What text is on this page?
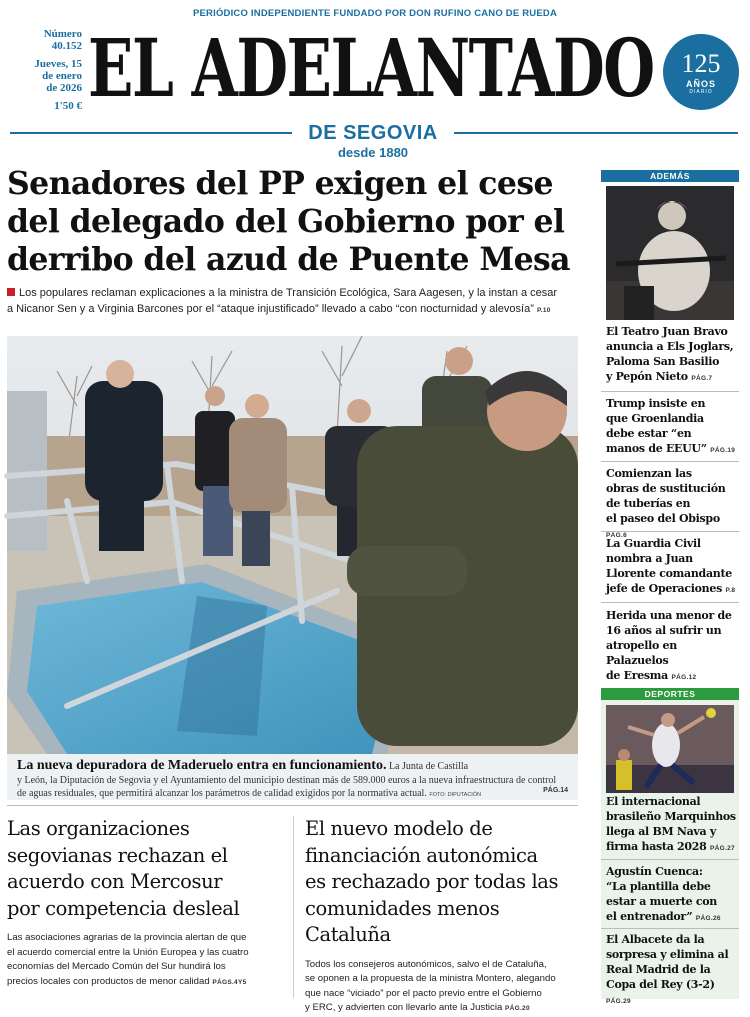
PERIÓDICO INDEPENDIENTE FUNDADO POR DON RUFINO CANO DE RUEDA
Número
40.152
Jueves, 15
de enero
de 2026
1'50 € EL ADELANTADO	125
AÑOS
DIARIO
DE SEGOVIA
desde 1880
Senadores del PP exigen el cese
del delegado del Gobierno por el
derribo del azud de Puente Mesa
Los populares reclaman explicaciones a la ministra de Transición Ecológica, Sara Aagesen, y la instan a cesar
a Nicanor Sen y a Virginia Barcones por el “ataque injustificado” llevado a cabo “con nocturnidad y alevosía” P.10
La nueva depuradora de Maderuelo entra en funcionamiento. La Junta de Castilla
y León, la Diputación de Segovia y el Ayuntamiento del municipio destinan más de 589.000 euros a la nueva infraestructura de control
de aguas residuales, que permitirá alcanzar los parámetros de calidad exigidos por la normativa actual. FOTO: DIPUTACIÓN
PÁG.14
Las organizaciones
segovianas rechazan el
acuerdo con Mercosur
por competencia desleal
Las asociaciones agrarias de la provincia alertan de que
el acuerdo comercial entre la Unión Europea y las cuatro
economías del Mercado Común del Sur hundirá los
precios locales con productos de menor calidad PÁGS.4Y5
El nuevo modelo de
financiación autonómica
es rechazado por todas las
comunidades menos Cataluña
Todos los consejeros autonómicos, salvo el de Cataluña,
se oponen a la propuesta de la ministra Montero, alegando
que nace “viciado” por el pacto previo entre el Gobierno
y ERC, y advierten con llevarlo ante la Justicia PÁG.20
ADEMÁS
El Teatro Juan Bravo
anuncia a Els Joglars,
Paloma San Basilio
y Pepón Nieto PÁG.7
Trump insiste en
que Groenlandia
debe estar “en
manos de EEUU” PÁG.19
Comienzan las
obras de sustitución
de tuberías en
el paseo del Obispo PÁG.6
La Guardia Civil
nombra a Juan
Llorente comandante
jefe de Operaciones P.8
Herida una menor de
16 años al sufrir un
atropello en Palazuelos
de Eresma PÁG.12
DEPORTES
El internacional
brasileño Marquinhos
llega al BM Nava y
firma hasta 2028 PÁG.27
Agustín Cuenca:
“La plantilla debe
estar a muerte con
el entrenador” PÁG.26
El Albacete da la
sorpresa y elimina al
Real Madrid de la
Copa del Rey (3-2) PÁG.29
